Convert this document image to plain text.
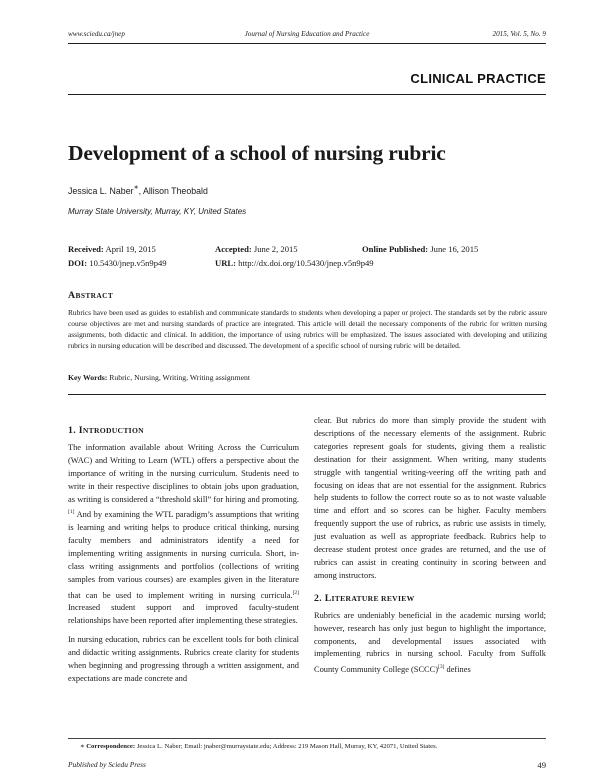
www.sciedu.ca/jnep	Journal of Nursing Education and Practice	2015, Vol. 5, No. 9
CLINICAL PRACTICE
Development of a school of nursing rubric
Jessica L. Naber∗, Allison Theobald
Murray State University, Murray, KY, United States
Received: April 19, 2015	Accepted: June 2, 2015	Online Published: June 16, 2015
DOI: 10.5430/jnep.v5n9p49	URL: http://dx.doi.org/10.5430/jnep.v5n9p49
ABSTRACT
Rubrics have been used as guides to establish and communicate standards to students when developing a paper or project. The standards set by the rubric assure course objectives are met and nursing standards of practice are integrated. This article will detail the necessary components of the rubric for written nursing assignments, both didactic and clinical. In addition, the importance of using rubrics will be emphasized. The issues associated with developing and utilizing rubrics in nursing education will be described and discussed. The development of a specific school of nursing rubric will be detailed.
Key Words: Rubric, Nursing, Writing, Writing assignment
1. INTRODUCTION

The information available about Writing Across the Curriculum (WAC) and Writing to Learn (WTL) offers a perspective about the importance of writing in the nursing curriculum. Students need to write in their respective disciplines to obtain jobs upon graduation, as writing is considered a “threshold skill” for hiring and promoting.[1] And by examining the WTL paradigm’s assumptions that writing is learning and writing helps to produce critical thinking, nursing faculty members and administrators identify a need for implementing writing assignments in nursing curricula. Short, in-class writing assignments and portfolios (collections of writing samples from various courses) are examples given in the literature that can be used to implement writing in nursing curricula.[2] Increased student support and improved faculty-student relationships have been reported after implementing these strategies.

In nursing education, rubrics can be excellent tools for both clinical and didactic writing assignments. Rubrics create clarity for students when beginning and progressing through a written assignment, and expectations are made concrete and

clear. But rubrics do more than simply provide the student with descriptions of the necessary elements of the assignment. Rubric categories represent goals for students, giving them a realistic destination for their assignment. When writing, many students struggle with tangential writing-veering off the writing path and focusing on ideas that are not essential for the assignment. Rubrics help students to follow the correct route so as to not waste valuable time and effort and so scores can be higher. Faculty members frequently support the use of rubrics, as rubric use assists in timely, just evaluation as well as appropriate feedback. Rubrics help to decrease student protest once grades are returned, and the use of rubrics can assist in creating continuity in scoring between and among instructors.

2. LITERATURE REVIEW

Rubrics are undeniably beneficial in the academic nursing world; however, research has only just begun to highlight the importance, components, and developmental issues associated with implementing rubrics in nursing school. Faculty from Suffolk County Community College (SCCC)[3] defines

∗ Correspondence: Jessica L. Naber; Email: jnaber@murraystate.edu; Address: 219 Mason Hall, Murray, KY, 42071, United States.
Published by Sciedu Press	49
